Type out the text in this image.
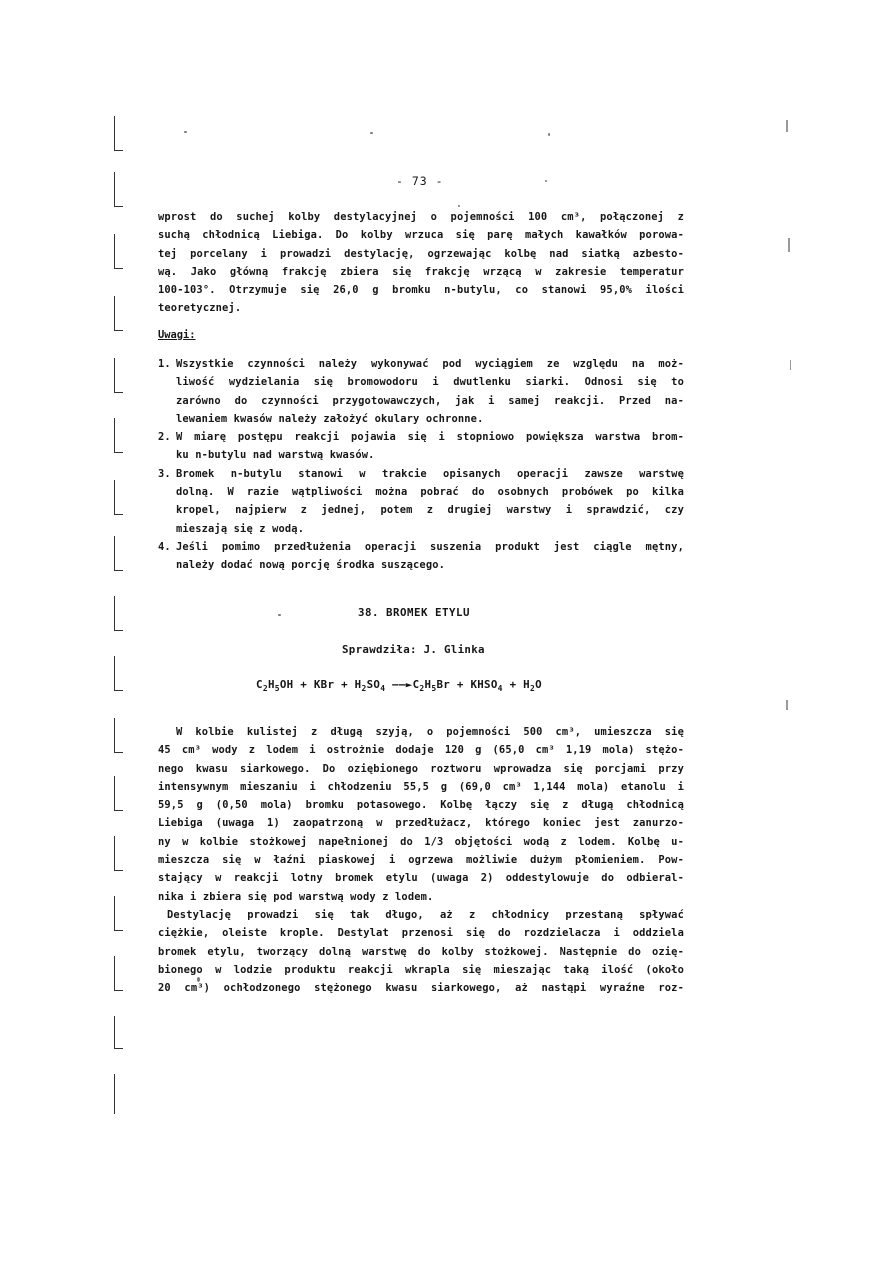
- 73 -
wprost do suchej kolby destylacyjnej o pojemności 100 cm³, połączonej z
suchą chłodnicą Liebiga. Do kolby wrzuca się parę małych kawałków porowa-
tej porcelany i prowadzi destylację, ogrzewając kolbę nad siatką azbesto-
wą. Jako główną frakcję zbiera się frakcję wrzącą w zakresie temperatur
100-103°. Otrzymuje się 26,0 g bromku n-butylu, co stanowi 95,0% ilości
teoretycznej.
Uwagi:
1. Wszystkie czynności należy wykonywać pod wyciągiem ze względu na moż-
liwość wydzielania się bromowodoru i dwutlenku siarki. Odnosi się to
zarówno do czynności przygotowawczych, jak i samej reakcji. Przed na-
lewaniem kwasów należy założyć okulary ochronne.
2. W miarę postępu reakcji pojawia się i stopniowo powiększa warstwa brom-
ku n-butylu nad warstwą kwasów.
3. Bromek n-butylu stanowi w trakcie opisanych operacji zawsze warstwę
dolną. W razie wątpliwości można pobrać do osobnych probówek po kilka
kropel, najpierw z jednej, potem z drugiej warstwy i sprawdzić, czy
mieszają się z wodą.
4. Jeśli pomimo przedłużenia operacji suszenia produkt jest ciągle mętny,
należy dodać nową porcję środka suszącego.
38. BROMEK ETYLU
Sprawdziła: J. Glinka
$C_2H_5OH$ + KBr + $H_2SO_4$ $——►C_2H_5Br$ + $KHSO_4 + H_2O$
W kolbie kulistej z długą szyją, o pojemności 500 cm³, umieszcza się
45 cm³ wody z lodem i ostrożnie dodaje 120 g (65,0 cm³ 1,19 mola) stężo-
nego kwasu siarkowego. Do oziębionego roztworu wprowadza się porcjami przy
intensywnym mieszaniu i chłodzeniu 55,5 g (69,0 cm³ 1,144 mola) etanolu i
59,5 g (0,50 mola) bromku potasowego. Kolbę łączy się z długą chłodnicą
Liebiga (uwaga 1) zaopatrzoną w przedłużacz, którego koniec jest zanurzo-
ny w kolbie stożkowej napełnionej do 1/3 objętości wodą z lodem. Kolbę u-
mieszcza się w łaźni piaskowej i ogrzewa możliwie dużym płomieniem. Pow-
stający w reakcji lotny bromek etylu (uwaga 2) oddestylowuje do odbieral-
nika i zbiera się pod warstwą wody z lodem.
Destylację prowadzi się tak długo, aż z chłodnicy przestaną spływać
ciężkie, oleiste krople. Destylat przenosi się do rozdzielacza i oddziela
bromek etylu, tworzący dolną warstwę do kolby stożkowej. Następnie do ozię-
bionego w lodzie produktu reakcji wkrapla się mieszając taką ilość (około
20 cm³) ochłodzonego stężonego kwasu siarkowego, aż nastąpi wyraźne roz-
